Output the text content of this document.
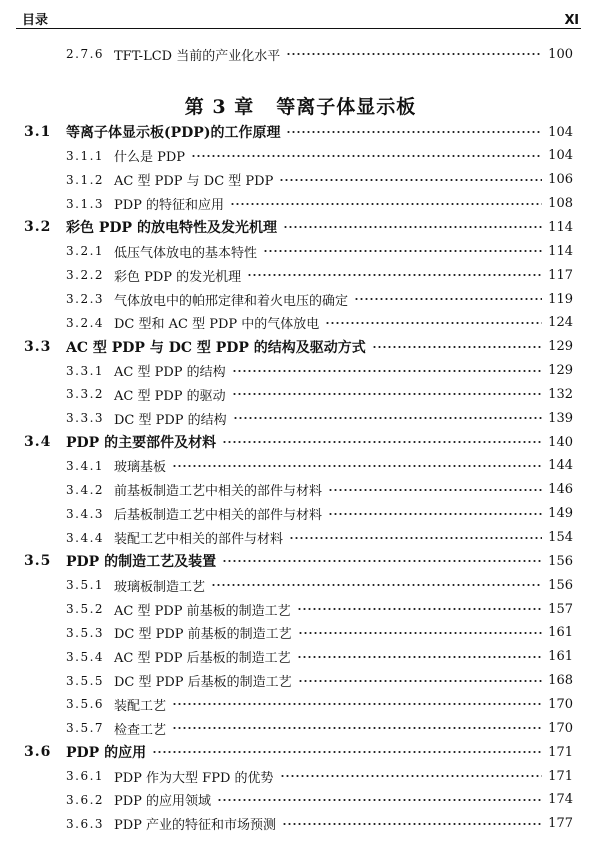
目录	Ⅺ
2.7.6 TFT-LCD 当前的产业化水平	100
第 3 章 等离子体显示板
3.1	等离子体显示板(PDP)的工作原理	104
3.1.1 什么是 PDP	104
3.1.2 AC 型 PDP 与 DC 型 PDP	106
3.1.3 PDP 的特征和应用	108
3.2	彩色 PDP 的放电特性及发光机理	114
3.2.1 低压气体放电的基本特性	114
3.2.2 彩色 PDP 的发光机理	117
3.2.3 气体放电中的帕邢定律和着火电压的确定	119
3.2.4 DC 型和 AC 型 PDP 中的气体放电	124
3.3	AC 型 PDP 与 DC 型 PDP 的结构及驱动方式	129
3.3.1 AC 型 PDP 的结构	129
3.3.2 AC 型 PDP 的驱动	132
3.3.3 DC 型 PDP 的结构	139
3.4	PDP 的主要部件及材料	140
3.4.1 玻璃基板	144
3.4.2 前基板制造工艺中相关的部件与材料	146
3.4.3 后基板制造工艺中相关的部件与材料	149
3.4.4 装配工艺中相关的部件与材料	154
3.5	PDP 的制造工艺及装置	156
3.5.1 玻璃板制造工艺	156
3.5.2 AC 型 PDP 前基板的制造工艺	157
3.5.3 DC 型 PDP 前基板的制造工艺	161
3.5.4 AC 型 PDP 后基板的制造工艺	161
3.5.5 DC 型 PDP 后基板的制造工艺	168
3.5.6 装配工艺	170
3.5.7 检查工艺	170
3.6	PDP 的应用	171
3.6.1 PDP 作为大型 FPD 的优势	171
3.6.2 PDP 的应用领域	174
3.6.3 PDP 产业的特征和市场预测	177
